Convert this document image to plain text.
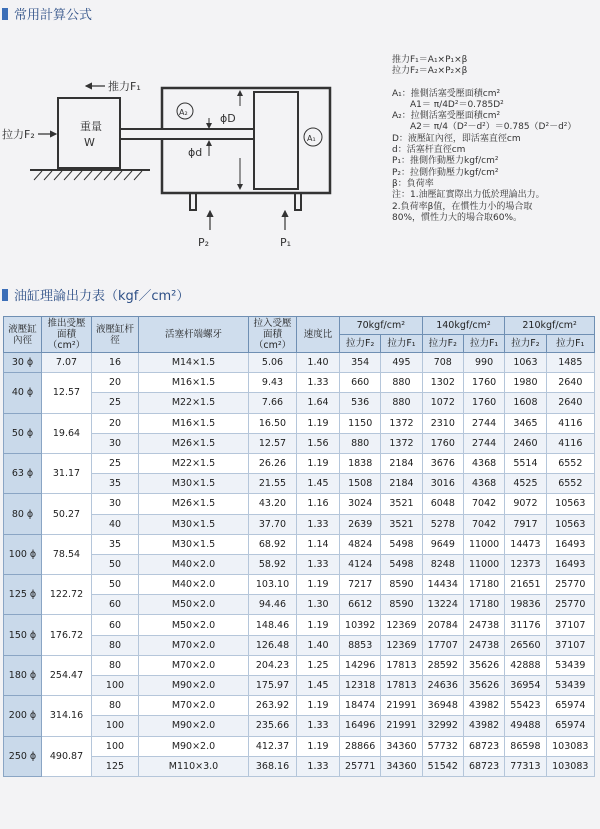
常用計算公式
推力F₁
拉力F₂
重量
W
P₂	P₁
A₂
A₁
ϕD
ϕd
推力F₁＝A₁×P₁×β
拉力F₂＝A₂×P₂×β
A₁：推側活塞受壓面積cm²
　　A1＝ π/4D²＝0.785D²
A₂：拉側活塞受壓面積cm²
　　A2＝ π/4（D²－d²）＝0.785（D²－d²）
D：液壓缸內徑，即活塞直徑cm
d：活塞杆直徑cm
P₁：推側作動壓力kgf/cm²
P₂：拉側作動壓力kgf/cm²
β：負荷率
注：1.油壓缸實際出力低於理論出力。
2.負荷率β值，在慣性力小的場合取
80%，慣性力大的場合取60%。
油缸理論出力表（kgf／cm²）
液壓缸內徑	推出受壓面積（cm²）	液壓缸杆徑	活塞杆端螺牙	拉入受壓面積（cm²）	速度比	70kgf/cm²		140kgf/cm²		210kgf/cm²	
						拉力F₂	拉力F₁	拉力F₂	拉力F₁	拉力F₂	拉力F₁
30 ϕ	7.07	16	M14×1.5	5.06	1.40	354	495	708	990	1063	1485
40 ϕ	12.57	20	M16×1.5	9.43	1.33	660	880	1302	1760	1980	2640
		25	M22×1.5	7.66	1.64	536	880	1072	1760	1608	2640
50 ϕ	19.64	20	M16×1.5	16.50	1.19	1150	1372	2310	2744	3465	4116
		30	M26×1.5	12.57	1.56	880	1372	1760	2744	2460	4116
63 ϕ	31.17	25	M22×1.5	26.26	1.19	1838	2184	3676	4368	5514	6552
		35	M30×1.5	21.55	1.45	1508	2184	3016	4368	4525	6552
80 ϕ	50.27	30	M26×1.5	43.20	1.16	3024	3521	6048	7042	9072	10563
		40	M30×1.5	37.70	1.33	2639	3521	5278	7042	7917	10563
100 ϕ	78.54	35	M30×1.5	68.92	1.14	4824	5498	9649	11000	14473	16493
		50	M40×2.0	58.92	1.33	4124	5498	8248	11000	12373	16493
125 ϕ	122.72	50	M40×2.0	103.10	1.19	7217	8590	14434	17180	21651	25770
		60	M50×2.0	94.46	1.30	6612	8590	13224	17180	19836	25770
150 ϕ	176.72	60	M50×2.0	148.46	1.19	10392	12369	20784	24738	31176	37107
		80	M70×2.0	126.48	1.40	8853	12369	17707	24738	26560	37107
180 ϕ	254.47	80	M70×2.0	204.23	1.25	14296	17813	28592	35626	42888	53439
		100	M90×2.0	175.97	1.45	12318	17813	24636	35626	36954	53439
200 ϕ	314.16	80	M70×2.0	263.92	1.19	18474	21991	36948	43982	55423	65974
		100	M90×2.0	235.66	1.33	16496	21991	32992	43982	49488	65974
250 ϕ	490.87	100	M90×2.0	412.37	1.19	28866	34360	57732	68723	86598	103083
		125	M110×3.0	368.16	1.33	25771	34360	51542	68723	77313	103083
